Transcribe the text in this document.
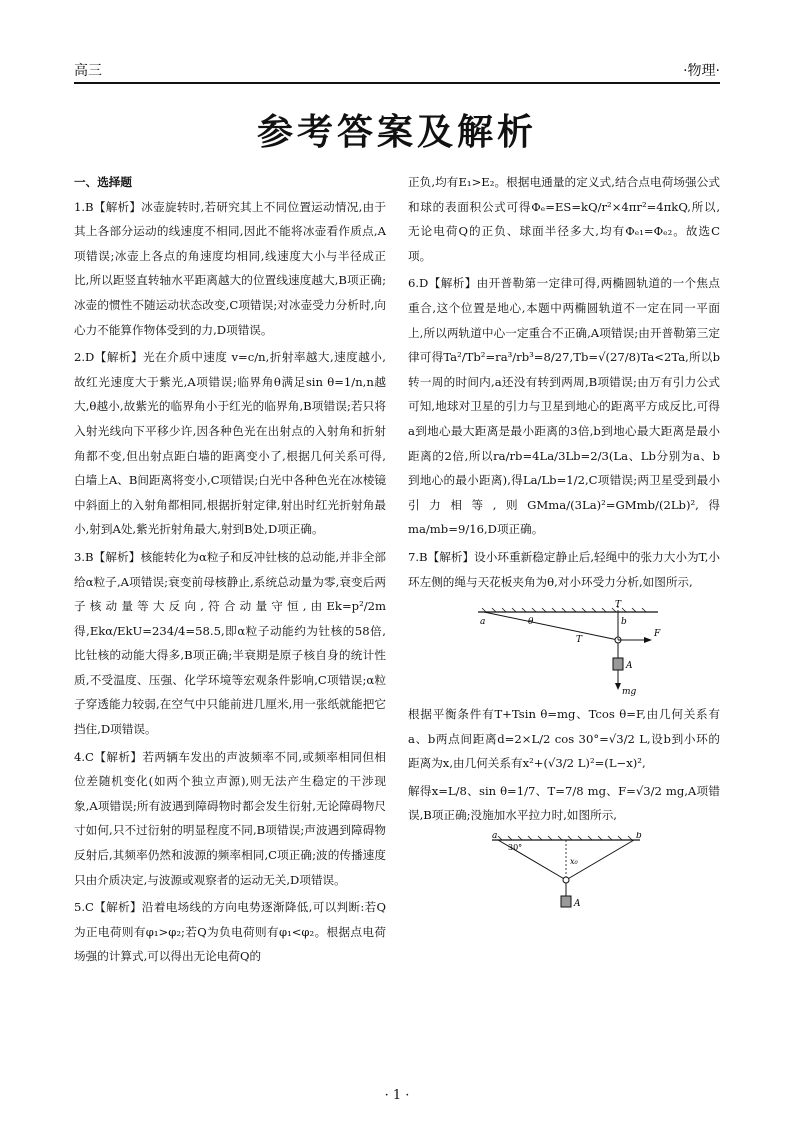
高三	·物理·
参考答案及解析
一、选择题

1.B【解析】冰壶旋转时,若研究其上不同位置运动情况,由于其上各部分运动的线速度不相同,因此不能将冰壶看作质点,A项错误;冰壶上各点的角速度均相同,线速度大小与半径成正比,所以距竖直转轴水平距离越大的位置线速度越大,B项正确;冰壶的惯性不随运动状态改变,C项错误;对冰壶受力分析时,向心力不能算作物体受到的力,D项错误。

2.D【解析】光在介质中速度 v=c/n,折射率越大,速度越小,故红光速度大于紫光,A项错误;临界角θ满足sin θ=1/n,n越大,θ越小,故紫光的临界角小于红光的临界角,B项错误;若只将入射光线向下平移少许,因各种色光在出射点的入射角和折射角都不变,但出射点距白墙的距离变小了,根据几何关系可得,白墙上A、B间距离将变小,C项错误;白光中各种色光在冰棱镜中斜面上的入射角都相同,根据折射定律,射出时红光折射角最小,射到A处,紫光折射角最大,射到B处,D项正确。

3.B【解析】核能转化为α粒子和反冲钍核的总动能,并非全部给α粒子,A项错误;衰变前母核静止,系统总动量为零,衰变后两子核动量等大反向,符合动量守恒,由Ek=p²/2m得,Ekα/EkU=234/4=58.5,即α粒子动能约为钍核的58倍,比钍核的动能大得多,B项正确;半衰期是原子核自身的统计性质,不受温度、压强、化学环境等宏观条件影响,C项错误;α粒子穿透能力较弱,在空气中只能前进几厘米,用一张纸就能把它挡住,D项错误。

4.C【解析】若两辆车发出的声波频率不同,或频率相同但相位差随机变化(如两个独立声源),则无法产生稳定的干涉现象,A项错误;所有波遇到障碍物时都会发生衍射,无论障碍物尺寸如何,只不过衍射的明显程度不同,B项错误;声波遇到障碍物反射后,其频率仍然和波源的频率相同,C项正确;波的传播速度只由介质决定,与波源或观察者的运动无关,D项错误。

5.C【解析】沿着电场线的方向电势逐渐降低,可以判断:若Q为正电荷则有φ₁>φ₂;若Q为负电荷则有φ₁<φ₂。根据点电荷场强的计算式,可以得出无论电荷Q的

正负,均有E₁>E₂。根据电通量的定义式,结合点电荷场强公式和球的表面积公式可得Φₑ=ES=kQ/r²×4πr²=4πkQ,所以,无论电荷Q的正负、球面半径多大,均有Φₑ₁=Φₑ₂。故选C项。

6.D【解析】由开普勒第一定律可得,两椭圆轨道的一个焦点重合,这个位置是地心,本题中两椭圆轨道不一定在同一平面上,所以两轨道中心一定重合不正确,A项错误;由开普勒第三定律可得Ta²/Tb²=ra³/rb³=8/27,Tb=√(27/8)Ta<2Ta,所以b转一周的时间内,a还没有转到两周,B项错误;由万有引力公式可知,地球对卫星的引力与卫星到地心的距离平方成反比,可得a到地心最大距离是最小距离的3倍,b到地心最大距离是最小距离的2倍,所以ra/rb=4La/3Lb=2/3(La、Lb分别为a、b到地心的最小距离),得La/Lb=1/2,C项错误;两卫星受到最小引力相等,则GMma/(3La)²=GMmb/(2Lb)²,得ma/mb=9/16,D项正确。

7.B【解析】设小环重新稳定静止后,轻绳中的张力大小为T,小环左侧的绳与天花板夹角为θ,对小环受力分析,如图所示,

a	θ
T
b
T
F
A
mg

根据平衡条件有T+Tsin θ=mg、Tcos θ=F,由几何关系有a、b两点间距离d=2×L/2 cos 30°=√3/2 L,设b到小环的距离为x,由几何关系有x²+(√3/2 L)²=(L−x)²,

解得x=L/8、sin θ=1/7、T=7/8 mg、F=√3/2 mg,A项错误,B项正确;没施加水平拉力时,如图所示,

a
30°
b
x₀
A
· 1 ·
